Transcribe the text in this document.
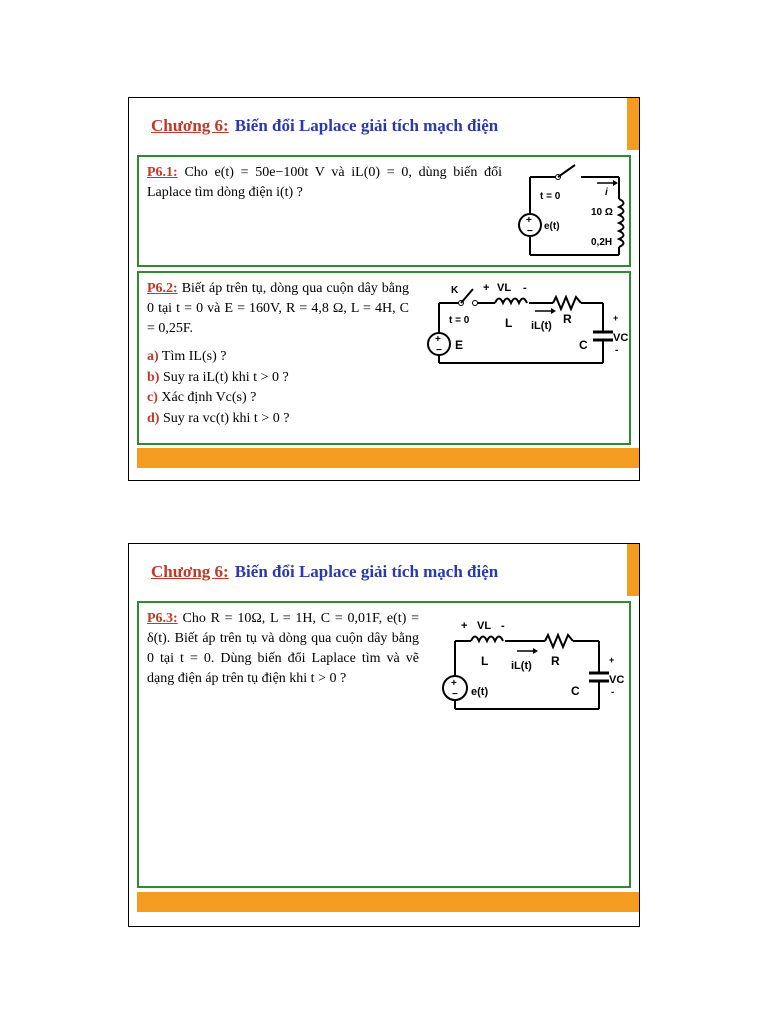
Chương 6: Biến đổi Laplace giải tích mạch điện
P6.1: Cho e(t) = 50e−100t V và iL(0) = 0, dùng biến đổi Laplace tìm dòng điện i(t) ?
+
−
t = 0	i
10 Ω
0,2H
e(t)
P6.2: Biết áp trên tụ, dòng qua cuộn dây bằng 0 tại t = 0 và E = 160V, R = 4,8 Ω, L = 4H, C = 0,25F.
a) Tìm IL(s) ?
b) Suy ra iL(t) khi t > 0 ?
c) Xác định Vc(s) ?
d) Suy ra vc(t) khi t > 0 ?
+
−
K
t = 0
+ VL -
L iL(t) R
C
+
VC
-
E
Chương 6: Biến đổi Laplace giải tích mạch điện
P6.3: Cho R = 10Ω, L = 1H, C = 0,01F, e(t) = δ(t). Biết áp trên tụ và dòng qua cuộn dây bằng 0 tại t = 0. Dùng biến đổi Laplace tìm và vẽ dạng điện áp trên tụ điện khi t > 0 ?	+
−
+ VL -
L iL(t) R
C
+
VC
-
e(t)
